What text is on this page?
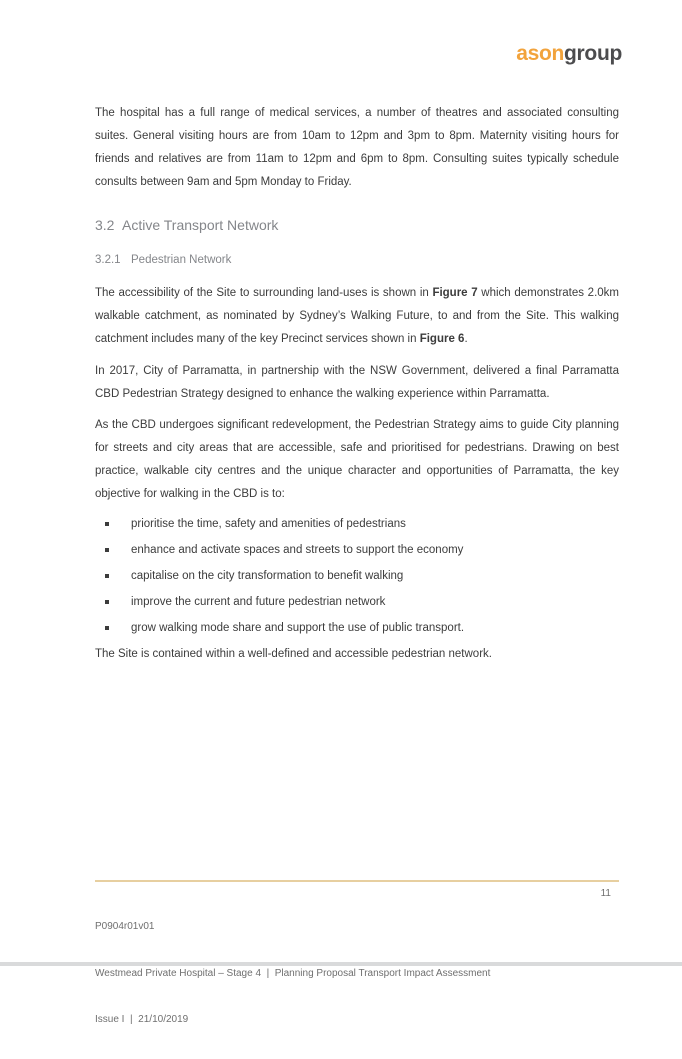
asongroup

The hospital has a full range of medical services, a number of theatres and associated consulting suites. General visiting hours are from 10am to 12pm and 3pm to 8pm. Maternity visiting hours for friends and relatives are from 11am to 12pm and 6pm to 8pm. Consulting suites typically schedule consults between 9am and 5pm Monday to Friday.

3.2 Active Transport Network
3.2.1 Pedestrian Network

The accessibility of the Site to surrounding land-uses is shown in Figure 7 which demonstrates 2.0km walkable catchment, as nominated by Sydney’s Walking Future, to and from the Site. This walking catchment includes many of the key Precinct services shown in Figure 6.

In 2017, City of Parramatta, in partnership with the NSW Government, delivered a final Parramatta CBD Pedestrian Strategy designed to enhance the walking experience within Parramatta.

As the CBD undergoes significant redevelopment, the Pedestrian Strategy aims to guide City planning for streets and city areas that are accessible, safe and prioritised for pedestrians. Drawing on best practice, walkable city centres and the unique character and opportunities of Parramatta, the key objective for walking in the CBD is to:

prioritise the time, safety and amenities of pedestrians
enhance and activate spaces and streets to support the economy
capitalise on the city transformation to benefit walking
improve the current and future pedestrian network
grow walking mode share and support the use of public transport.

The Site is contained within a well-defined and accessible pedestrian network.

P0904r01v01

Westmead Private Hospital – Stage 4  |  Planning Proposal Transport Impact Assessment

Issue I  |  21/10/2019

11
